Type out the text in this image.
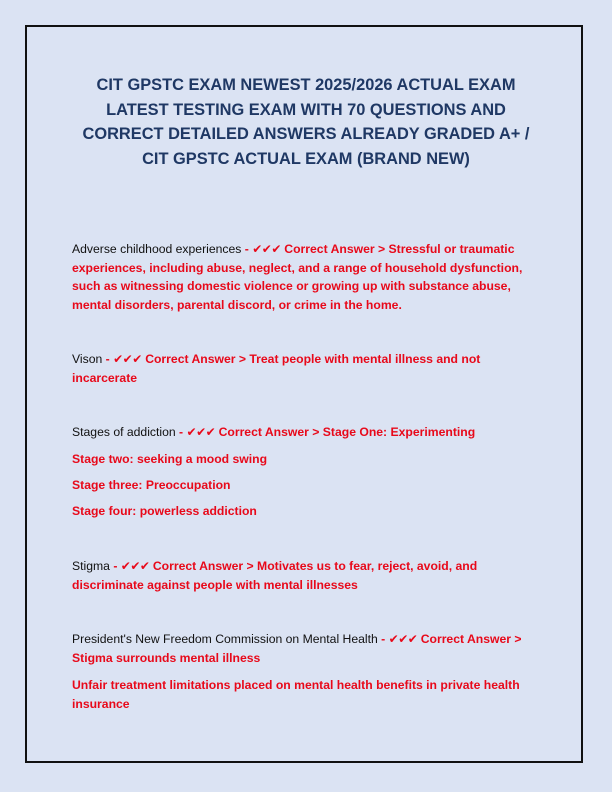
CIT GPSTC EXAM NEWEST 2025/2026 ACTUAL EXAM
LATEST TESTING EXAM WITH 70 QUESTIONS AND
CORRECT DETAILED ANSWERS ALREADY GRADED A+ /
CIT GPSTC ACTUAL EXAM (BRAND NEW)

Adverse childhood experiences - ✔✔✔ Correct Answer > Stressful or traumatic experiences, including abuse, neglect, and a range of household dysfunction, such as witnessing domestic violence or growing up with substance abuse, mental disorders, parental discord, or crime in the home.

Vison - ✔✔✔ Correct Answer > Treat people with mental illness and not incarcerate

Stages of addiction - ✔✔✔ Correct Answer > Stage One: Experimenting

Stage two: seeking a mood swing

Stage three: Preoccupation

Stage four: powerless addiction

Stigma - ✔✔✔ Correct Answer > Motivates us to fear, reject, avoid, and discriminate against people with mental illnesses

President's New Freedom Commission on Mental Health - ✔✔✔ Correct Answer > Stigma surrounds mental illness

Unfair treatment limitations placed on mental health benefits in private health insurance
